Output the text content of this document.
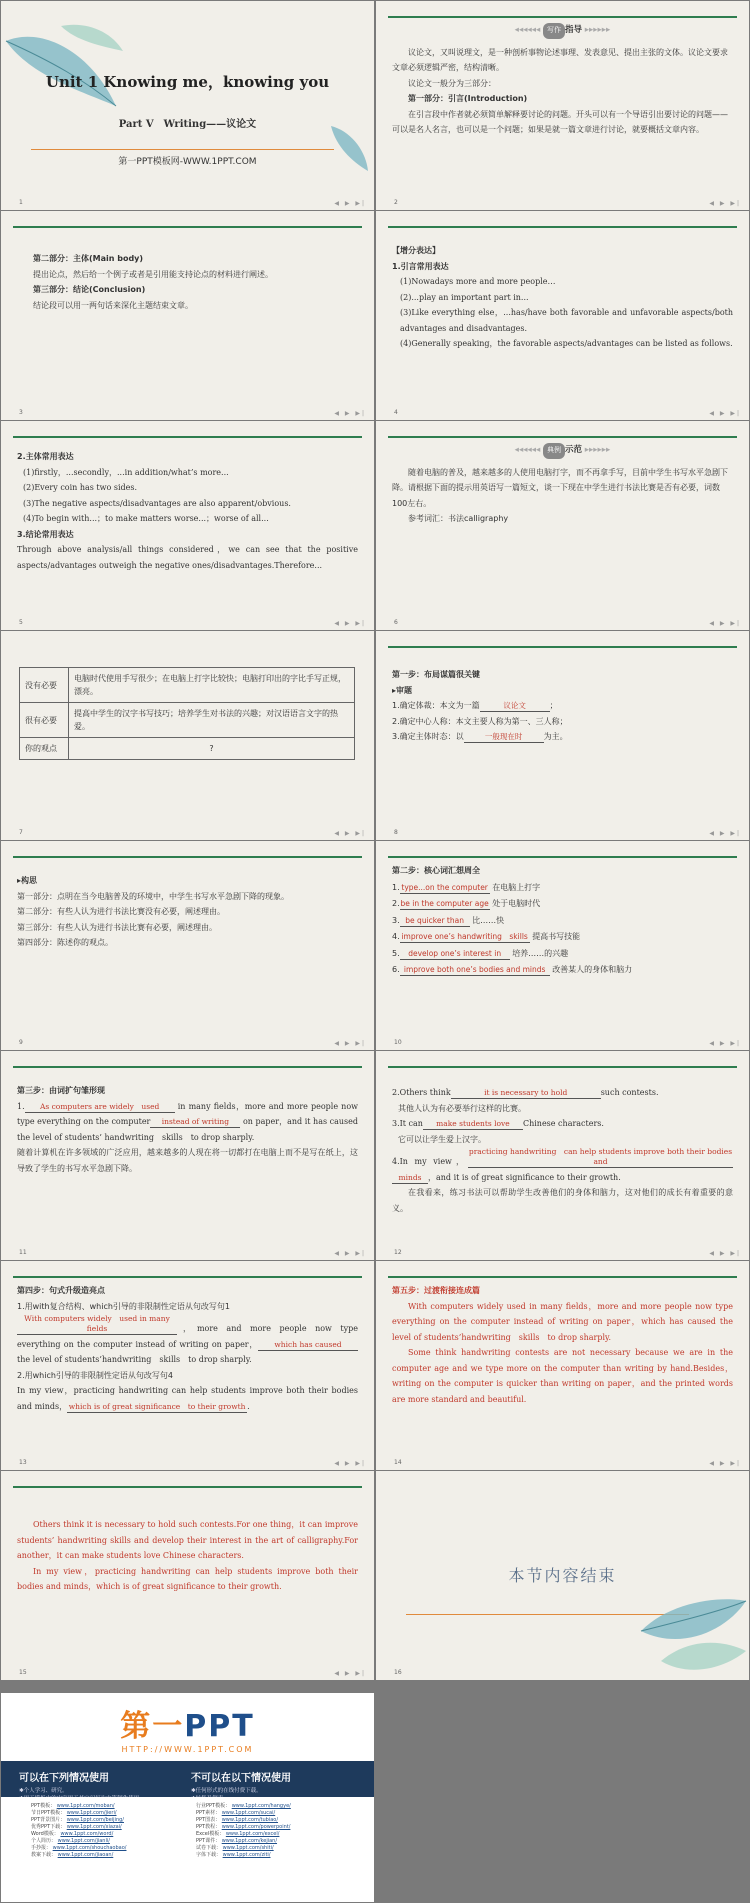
Unit 1 Knowing me，knowing you
Part Ⅴ　Writing——议论文
第一PPT模板网-WWW.1PPT.COM
1	◀ ▶ ▶|
◂◂◂◂◂◂ 写作 指导 ▸▸▸▸▸▸

议论文，又叫说理文，是一种剖析事物论述事理、发表意见、提出主张的文体。议论文要求文章必须逻辑严密，结构清晰。

议论文一般分为三部分：

第一部分：引言(Introduction)

在引言段中作者就必须简单解释要讨论的问题。开头可以有一个导语引出要讨论的问题——可以是名人名言，也可以是一个问题；如果是就一篇文章进行讨论，就要概括文章内容。

2	◀ ▶ ▶|

第二部分：主体(Main body)

提出论点，然后给一个例子或者是引用能支持论点的材料进行阐述。

第三部分：结论(Conclusion)

结论段可以用一两句话来深化主题结束文章。

3	◀ ▶ ▶|

【增分表达】

1.引言常用表达

(1)Nowadays more and more people…

(2)...play an important part in...

(3)Like everything else，...has/have both favorable and unfavorable aspects/both advantages and disadvantages.

(4)Generally speaking，the favorable aspects/advantages can be listed as follows.

4	◀ ▶ ▶|

2.主体常用表达

(1)firstly，...secondly，...in addition/what’s more...

(2)Every coin has two sides.

(3)The negative aspects/disadvantages are also apparent/obvious.

(4)To begin with...；to make matters worse...；worse of all...

3.结论常用表达

Through above analysis/all things considered，we can see that the positive aspects/advantages outweigh the negative ones/disadvantages.Therefore...

5	◀ ▶ ▶|
◂◂◂◂◂◂ 典例 示范 ▸▸▸▸▸▸

随着电脑的普及，越来越多的人使用电脑打字，而不再拿手写，目前中学生书写水平急剧下降。请根据下面的提示用英语写一篇短文，谈一下现在中学生进行书法比赛是否有必要，词数100左右。

参考词汇：书法calligraphy

6	◀ ▶ ▶|
没有必要	电脑时代使用手写很少；在电脑上打字比较快；电脑打印出的字比手写正规，漂亮。
很有必要	提高中学生的汉字书写技巧；培养学生对书法的兴趣；对汉语语言文字的热爱。
你的观点	?
7	◀ ▶ ▶|

第一步：布局谋篇很关键

▸审题

1.确定体裁：本文为一篇	议论文	；

2.确定中心人称：本文主要人称为第一、三人称；

3.确定主体时态：以	一般现在时	为主。

8	◀ ▶ ▶|

▸构思

第一部分：点明在当今电脑普及的环境中，中学生书写水平急剧下降的现象。

第二部分：有些人认为进行书法比赛没有必要，阐述理由。

第三部分：有些人认为进行书法比赛有必要，阐述理由。

第四部分：陈述你的观点。

9	◀ ▶ ▶|

第二步：核心词汇想周全

1. type...on the computer 在电脑上打字

2.be in the computer age 处于电脑时代

3. be quicker than 比……快

4. improve one’s handwriting　skills 提高书写技能

5. develop one’s interest in 培养……的兴趣

6. improve both one’s bodies and minds 改善某人的身体和脑力

10	◀ ▶ ▶|

第三步：由词扩句雏形现

1. As computers are widely　used in many fields，more and more people now type everything on the computer instead of writing on paper，and it has caused the level of students’ handwriting　skills　to drop sharply.

随着计算机在许多领域的广泛应用，越来越多的人现在将一切都打在电脑上而不是写在纸上，这导致了学生的书写水平急剧下降。

11	◀ ▶ ▶|

2.Others think	it is necessary to hold	such contests.

其他人认为有必要举行这样的比赛。

3.It can make students love Chinese characters.

它可以让学生爱上汉字。

4.In my view，practicing handwriting　can help students improve both their bodies and minds ，and it is of great significance to their growth.

在我看来，练习书法可以帮助学生改善他们的身体和脑力，这对他们的成长有着重要的意义。

12	◀ ▶ ▶|

第四步：句式升级造亮点

1.用with复合结构、which引导的非限制性定语从句改写句1

With computers widely　used in many fields	，more and more people now type everything on the computer instead of writing on paper， which has caused the level of students’handwriting　skills　to drop sharply.

2.用which引导的非限制性定语从句改写句4

In my view，practicing handwriting can help students improve both their bodies and minds， which is of great significance　to their growth .

13	◀ ▶ ▶|

第五步：过渡衔接连成篇

With computers widely used in many fields，more and more people now type everything on the computer instead of writing on paper，which has caused the level of students’handwriting　skills　to drop sharply.

Some think handwriting contests are not necessary because we are in the computer age and we type more on the computer than writing by hand.Besides，writing on the computer is quicker than writing on paper，and the printed words are more standard and beautiful.

14	◀ ▶ ▶|

Others think it is necessary to hold such contests.For one thing，it can improve students’ handwriting skills and develop their interest in the art of calligraphy.For another，it can make students love Chinese characters.

In my view，practicing handwriting can help students improve both their bodies and minds，which is of great significance to their growth.

15	◀ ▶ ▶|
本节内容结束
16
第一PPT
HTTP://WWW.1PPT.COM
可以在下列情况使用
✱个人学习、研究。

不可以在以下情况使用
✱任何形式的在线付费下载。

PPT模板： www.1ppt.com/moban/
节日PPT模板： www.1ppt.com/jieri/
PPT背景图片： www.1ppt.com/beijing/
优秀PPT下载： www.1ppt.com/xiazai/
Word模板： www.1ppt.com/word/
个人简历： www.1ppt.com/jianli/
手抄报： www.1ppt.com/shouchaobao/
教案下载： www.1ppt.com/jiaoan/
行业PPT模板： www.1ppt.com/hangye/
PPT素材： www.1ppt.com/sucai/
PPT图表： www.1ppt.com/tubiao/
PPT教程： www.1ppt.com/powerpoint/
Excel模板： www.1ppt.com/excel/
PPT课件： www.1ppt.com/kejian/
试卷下载： www.1ppt.com/shiti/
字体下载： www.1ppt.com/ziti/
